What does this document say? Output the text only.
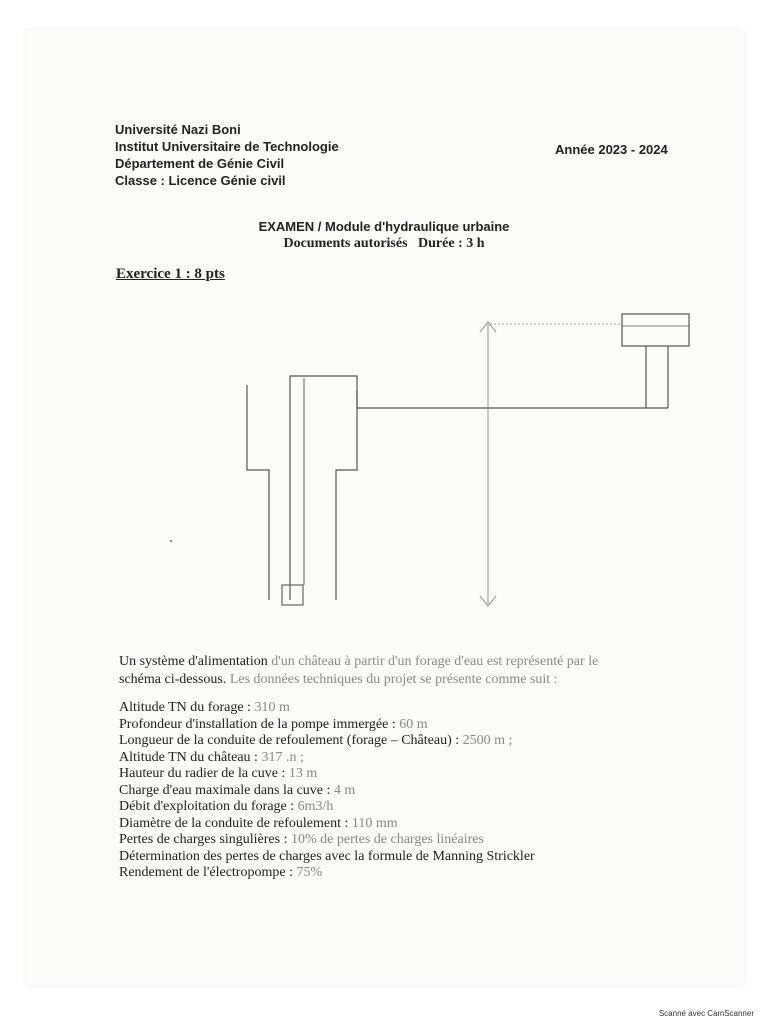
Université Nazi Boni
Institut Universitaire de Technologie
Département de Génie Civil
Classe : Licence Génie civil
Année 2023 - 2024
EXAMEN / Module d'hydraulique urbaine
Documents autorisés   Durée : 3 h
Exercice 1 : 8 pts
Un système d'alimentation d'un château à partir d'un forage d'eau est représenté par le
schéma ci-dessous. Les données techniques du projet se présente comme suit :
Altitude TN du forage : 310 m
Profondeur d'installation de la pompe immergée : 60 m
Longueur de la conduite de refoulement (forage – Château) : 2500 m ;
Altitude TN du château : 317 .n ;
Hauteur du radier de la cuve : 13 m
Charge d'eau maximale dans la cuve : 4 m
Débit d'exploitation du forage : 6m3/h
Diamètre de la conduite de refoulement : 110 mm
Pertes de charges singulières : 10% de pertes de charges linéaires
Détermination des pertes de charges avec la formule de Manning Strickler
Rendement de l'électropompe : 75%
Scanné avec CamScanner
